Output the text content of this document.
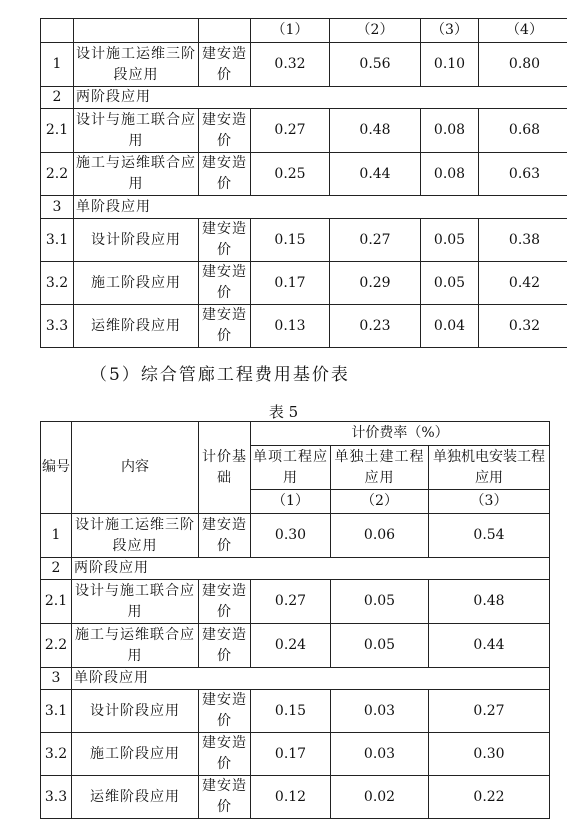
			（1）	（2）	（3）	（4）
1	设计施工运维三阶段应用	建安造价	0.32	0.56	0.10	0.80
2	两阶段应用					
2.1	设计与施工联合应用	建安造价	0.27	0.48	0.08	0.68
2.2	施工与运维联合应用	建安造价	0.25	0.44	0.08	0.63
3	单阶段应用					
3.1	设计阶段应用	建安造价	0.15	0.27	0.05	0.38
3.2	施工阶段应用	建安造价	0.17	0.29	0.05	0.42
3.3	运维阶段应用	建安造价	0.13	0.23	0.04	0.32
（5）综合管廊工程费用基价表
表 5
编号	内容	计价基础	计价费率（%）		
			单项工程应用	单独土建工程应用	单独机电安装工程应用
			（1）	（2）	（3）
1	设计施工运维三阶段应用	建安造价	0.30	0.06	0.54
2	两阶段应用				
2.1	设计与施工联合应用	建安造价	0.27	0.05	0.48
2.2	施工与运维联合应用	建安造价	0.24	0.05	0.44
3	单阶段应用				
3.1	设计阶段应用	建安造价	0.15	0.03	0.27
3.2	施工阶段应用	建安造价	0.17	0.03	0.30
3.3	运维阶段应用	建安造价	0.12	0.02	0.22
